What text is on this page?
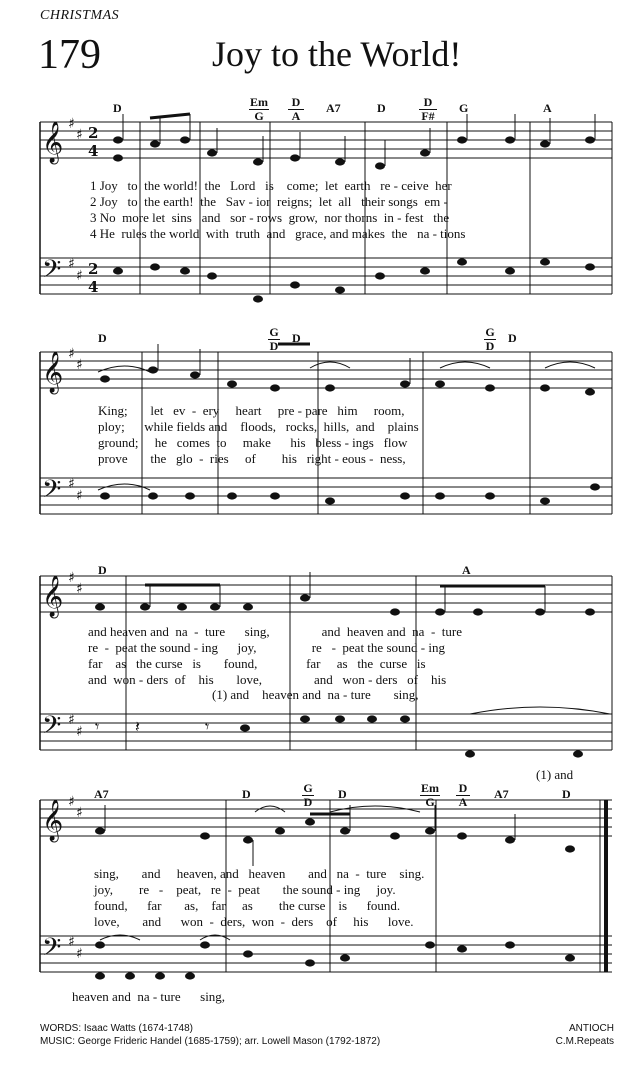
CHRISTMAS
179	Joy to the World!
𝄞
𝄢
𝄞
𝄢
𝄞
𝄢
𝄞
𝄢
♯
♯
♯
♯
♯
♯
♯
♯
♯
♯
♯
♯
♯
♯
♯
♯
2
4
2
4
𝄾 𝄽	𝄾
D	Em
G
D
A
A7	D	D
F#
G	A
D	G
D
D	G
D
D
D	A
A7	D	G
D
D	Em
G
D
A
A7	D
1 Joy   to  the world!  the   Lord   is    come;  let  earth   re - ceive  her
2 Joy   to  the earth!  the   Sav - ior  reigns;  let  all   their songs  em -
3 No  more let  sins   and   sor - rows  grow,  nor thorns  in - fest   the
4 He  rules the world  with  truth  and   grace, and makes  the   na - tions
King;       let   ev  -  ery     heart     pre - pare   him     room,
ploy;      while fields and    floods,   rocks,  hills,  and    plains
ground;     he   comes  to     make      his   bless - ings   flow
prove       the   glo  -  ries     of        his   right - eous -  ness,
and heaven and  na  -  ture      sing,                and  heaven and  na  -  ture
re  -  peat the sound - ing      joy,                 re   -  peat the sound - ing
far    as   the curse   is       found,               far     as   the  curse   is
and  won - ders  of    his       love,                and   won - ders   of    his
(1) and    heaven and  na - ture       sing,
(1) and
sing,       and     heaven, and   heaven       and   na  -  ture    sing.
joy,        re   -    peat,   re  -  peat       the sound - ing     joy.
found,      far       as,    far     as        the curse    is      found.
love,       and      won  -  ders,  won  -  ders    of     his      love.
heaven and  na - ture      sing,
WORDS: Isaac Watts (1674-1748)
MUSIC: George Frideric Handel (1685-1759); arr. Lowell Mason (1792-1872)
ANTIOCH
C.M.Repeats
